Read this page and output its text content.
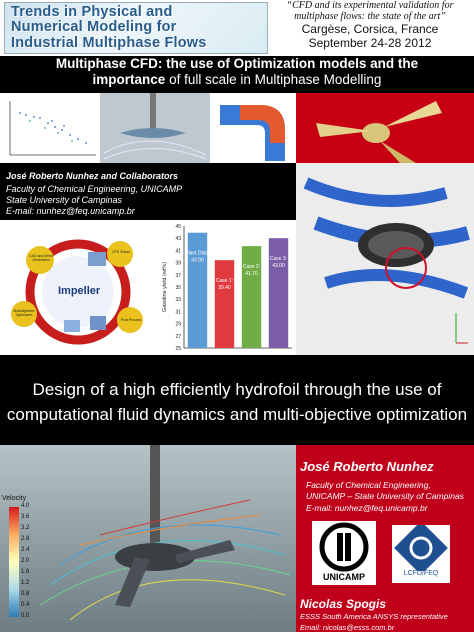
Trends in Physical and
Numerical Modeling for
Industrial Multiphase Flows
“CFD and its experimental validation for multiphase flows: the state of the art”
Cargèse, Corsica, France
September 24-28 2012
Multiphase CFD: the use of Optimization models and the
importance of full scale in Multiphase Modelling
José Roberto Nunhez and Collaborators
Faculty of Chemical Engineering, UNICAMP
State University of Campinas
E-mail: nunhez@feq.unicamp.br
Impeller
CAD and Mesh Generation
CFD Solver
Multiobjective Optimizers
Post Process
25
27
29
31
33
35
37
39
41
43
45
Gasoline yield (wt%)
Plant Data:
43.90
Case 1:
39.40
Case 2:
41.70
Case 3:
43.00
Design of a high efficiently hydrofoil through the use of
computational fluid dynamics and multi-objective optimization
Velocity
4.0
3.6
3.2
2.8
2.4
2.0
1.6
1.2
0.8
0.4
0.0
José Roberto Nunhez
Faculty of Chemical Engineering,
UNICAMP – State University of Campinas
E-mail: nunhez@feq.unicamp.br
UNICAMP	LCFD/FEQ
Nicolas Spogis
ESSS South America ANSYS representative
Email: nicolas@esss.com.br
